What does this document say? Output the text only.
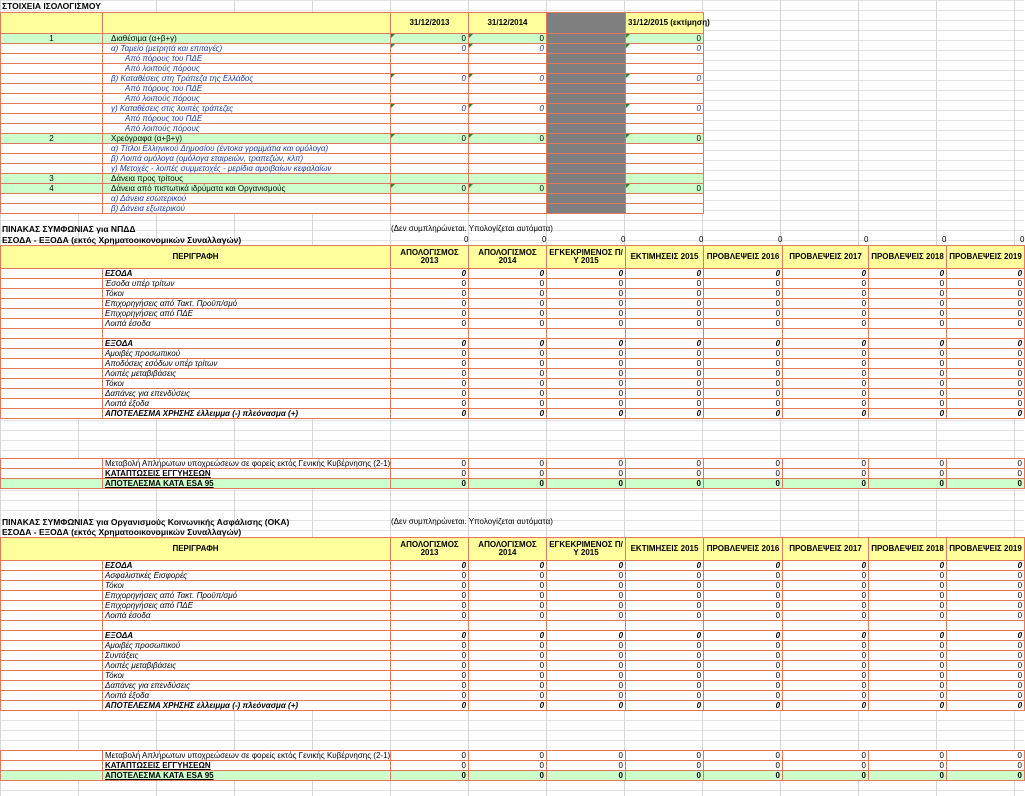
ΣΤΟΙΧΕΙΑ ΙΣΟΛΟΓΙΣΜΟΥ
		31/12/2013	31/12/2014		31/12/2015 (εκτίμηση)
1	Διαθέσιμα (α+β+γ)	0	0		0
	α) Ταμείο (μετρητά και επιταγές)	0	0		0
	Από πόρους του ΠΔΕ				
	Από λοιπούς πόρους				
	β) Καταθέσεις στη Τράπεζα της Ελλάδος	0	0		0
	Από πόρους του ΠΔΕ				
	Από λοιπούς πόρους				
	γ) Καταθέσεις στις λοιπές τράπεζες	0	0		0
	Από πόρους του ΠΔΕ				
	Από λοιπούς πόρους				
2	Χρεόγραφα (α+β+γ)	0	0		0
	α) Τίτλοι Ελληνικού Δημοσίου (έντοκα γραμμάτια και ομόλογα)				
	β) Λοιπά ομόλογα (ομόλογα εταιρειών, τραπεζών, κλπ)				
	γ) Μετοχές - λοιπές συμμετοχές - μερίδια αμοιβαίων κεφαλαίων				
3	Δάνεια προς τρίτους				
4	Δάνεια από πιστωτικά ιδρύματα και Οργανισμούς	0	0		0
	α) Δάνεια εσωτερικού				
	β) Δάνεια εξωτερικού				
ΠΙΝΑΚΑΣ ΣΥΜΦΩΝΙΑΣ για ΝΠΔΔ	(Δεν συμπληρώνεται. Υπολογίζεται αυτόματα)
ΕΣΟΔΑ - ΕΞΟΔΑ (εκτός Χρηματοοικονομικών Συναλλαγών)	0	0	0	0	0	0	0	0
ΠΕΡΙΓΡΑΦΗ		ΑΠΟΛΟΓΙΣΜΟΣ 2013	ΑΠΟΛΟΓΙΣΜΟΣ 2014	ΕΓΚΕΚΡΙΜΕΝΟΣ Π/Υ 2015	ΕΚΤΙΜΗΣΕΙΣ 2015	ΠΡΟΒΛΕΨΕΙΣ 2016	ΠΡΟΒΛΕΨΕΙΣ 2017	ΠΡΟΒΛΕΨΕΙΣ 2018	ΠΡΟΒΛΕΨΕΙΣ 2019
	ΕΣΟΔΑ	0	0	0	0	0	0	0	0
	Έσοδα υπέρ τρίτων	0	0	0	0	0	0	0	0
	Τόκοι	0	0	0	0	0	0	0	0
	Επιχορηγήσεις από Τακτ. Προϋπ/σμό	0	0	0	0	0	0	0	0
	Επιχορηγήσεις από ΠΔΕ	0	0	0	0	0	0	0	0
	Λοιπά έσοδα	0	0	0	0	0	0	0	0

	ΕΞΟΔΑ	0	0	0	0	0	0	0	0
	Αμοιβές προσωπικού	0	0	0	0	0	0	0	0
	Αποδόσεις εσόδων υπέρ τρίτων	0	0	0	0	0	0	0	0
	Λοιπές μεταβιβάσεις	0	0	0	0	0	0	0	0
	Τόκοι	0	0	0	0	0	0	0	0
	Δαπάνες για επενδύσεις	0	0	0	0	0	0	0	0
	Λοιπά έξοδα	0	0	0	0	0	0	0	0
	ΑΠΟΤΕΛΕΣΜΑ ΧΡΗΣΗΣ έλλειμμα (-) πλεόνασμα (+)	0	0	0	0	0	0	0	0
	Μεταβολή Απλήρωτων υποχρεώσεων σε φορείς εκτός Γενικής Κυβέρνησης (2-1)	0	0	0	0	0	0	0	0
	ΚΑΤΑΠΤΩΣΕΙΣ ΕΓΓΥΗΣΕΩΝ	0	0	0	0	0	0	0	0
	ΑΠΟΤΕΛΕΣΜΑ ΚΑΤΑ ESA 95	0	0	0	0	0	0	0	0
ΠΙΝΑΚΑΣ ΣΥΜΦΩΝΙΑΣ για Οργανισμούς Κοινωνικής Ασφάλισης (ΟΚΑ)	(Δεν συμπληρώνεται. Υπολογίζεται αυτόματα)
ΕΣΟΔΑ - ΕΞΟΔΑ (εκτός Χρηματοοικονομικών Συναλλαγών)
ΠΕΡΙΓΡΑΦΗ		ΑΠΟΛΟΓΙΣΜΟΣ 2013	ΑΠΟΛΟΓΙΣΜΟΣ 2014	ΕΓΚΕΚΡΙΜΕΝΟΣ Π/Υ 2015	ΕΚΤΙΜΗΣΕΙΣ 2015	ΠΡΟΒΛΕΨΕΙΣ 2016	ΠΡΟΒΛΕΨΕΙΣ 2017	ΠΡΟΒΛΕΨΕΙΣ 2018	ΠΡΟΒΛΕΨΕΙΣ 2019
	ΕΣΟΔΑ	0	0	0	0	0	0	0	0
	Ασφαλιστικές Εισφορές	0	0	0	0	0	0	0	0
	Τόκοι	0	0	0	0	0	0	0	0
	Επιχορηγήσεις από Τακτ. Προϋπ/σμό	0	0	0	0	0	0	0	0
	Επιχορηγήσεις από ΠΔΕ	0	0	0	0	0	0	0	0
	Λοιπά έσοδα	0	0	0	0	0	0	0	0

	ΕΞΟΔΑ	0	0	0	0	0	0	0	0
	Αμοιβές προσωπικού	0	0	0	0	0	0	0	0
	Συντάξεις	0	0	0	0	0	0	0	0
	Λοιπές μεταβιβάσεις	0	0	0	0	0	0	0	0
	Τόκοι	0	0	0	0	0	0	0	0
	Δαπάνες για επενδύσεις	0	0	0	0	0	0	0	0
	Λοιπά έξοδα	0	0	0	0	0	0	0	0
	ΑΠΟΤΕΛΕΣΜΑ ΧΡΗΣΗΣ έλλειμμα (-) πλεόνασμα (+)	0	0	0	0	0	0	0	0
	Μεταβολή Απλήρωτων υποχρεώσεων σε φορείς εκτός Γενικής Κυβέρνησης (2-1)	0	0	0	0	0	0	0	0
	ΚΑΤΑΠΤΩΣΕΙΣ ΕΓΓΥΗΣΕΩΝ	0	0	0	0	0	0	0	0
	ΑΠΟΤΕΛΕΣΜΑ ΚΑΤΑ ESA 95	0	0	0	0	0	0	0	0
